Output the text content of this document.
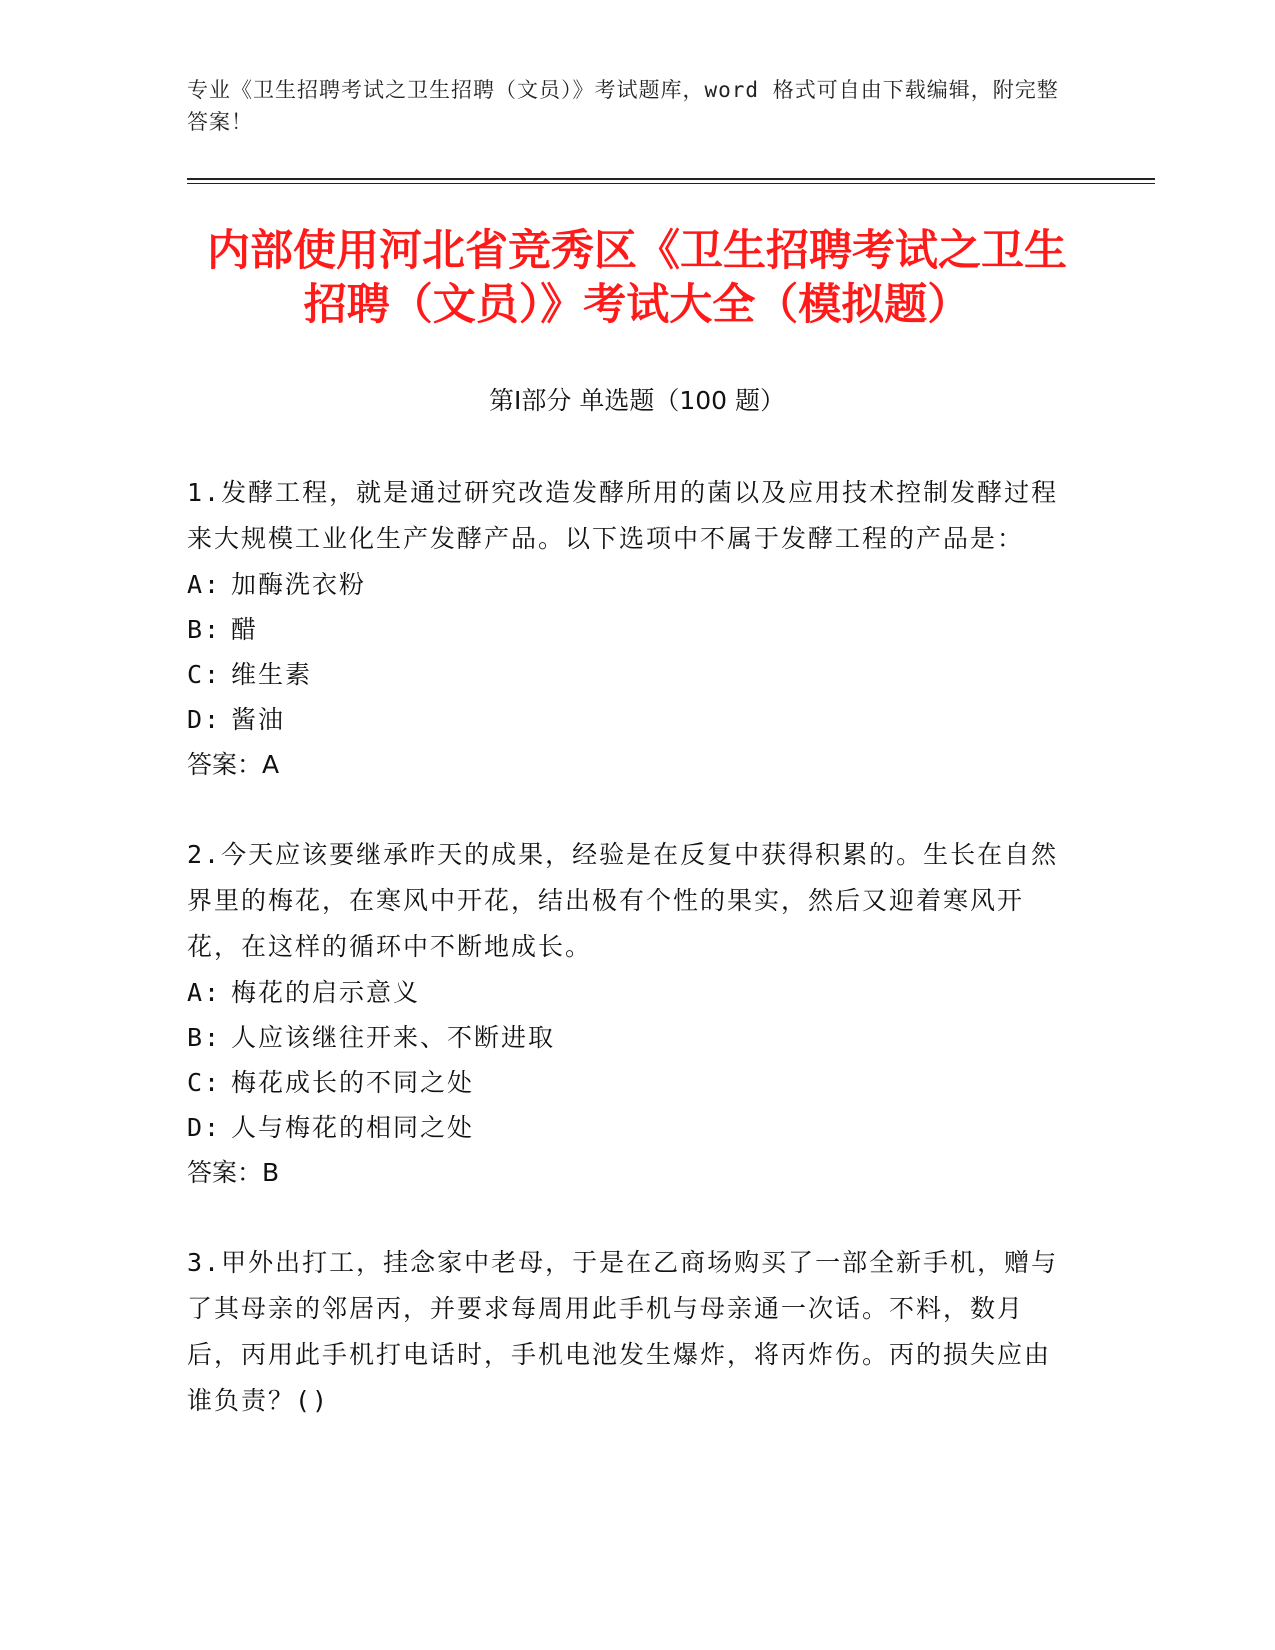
专业《卫生招聘考试之卫生招聘（文员）》考试题库，word 格式可自由下载编辑，附完整答案！
内部使用河北省竞秀区《卫生招聘考试之卫生招聘（文员）》考试大全（模拟题）
第Ⅰ部分 单选题（100 题）

1.发酵工程，就是通过研究改造发酵所用的菌以及应用技术控制发酵过程来大规模工业化生产发酵产品。以下选项中不属于发酵工程的产品是：

A: 加酶洗衣粉

B: 醋

C: 维生素

D: 酱油

答案：A

2.今天应该要继承昨天的成果，经验是在反复中获得积累的。生长在自然界里的梅花，在寒风中开花，结出极有个性的果实，然后又迎着寒风开花，在这样的循环中不断地成长。

A: 梅花的启示意义

B: 人应该继往开来、不断进取

C: 梅花成长的不同之处

D: 人与梅花的相同之处

答案：B

3.甲外出打工，挂念家中老母，于是在乙商场购买了一部全新手机，赠与了其母亲的邻居丙，并要求每周用此手机与母亲通一次话。不料，数月后，丙用此手机打电话时，手机电池发生爆炸，将丙炸伤。丙的损失应由谁负责？()
